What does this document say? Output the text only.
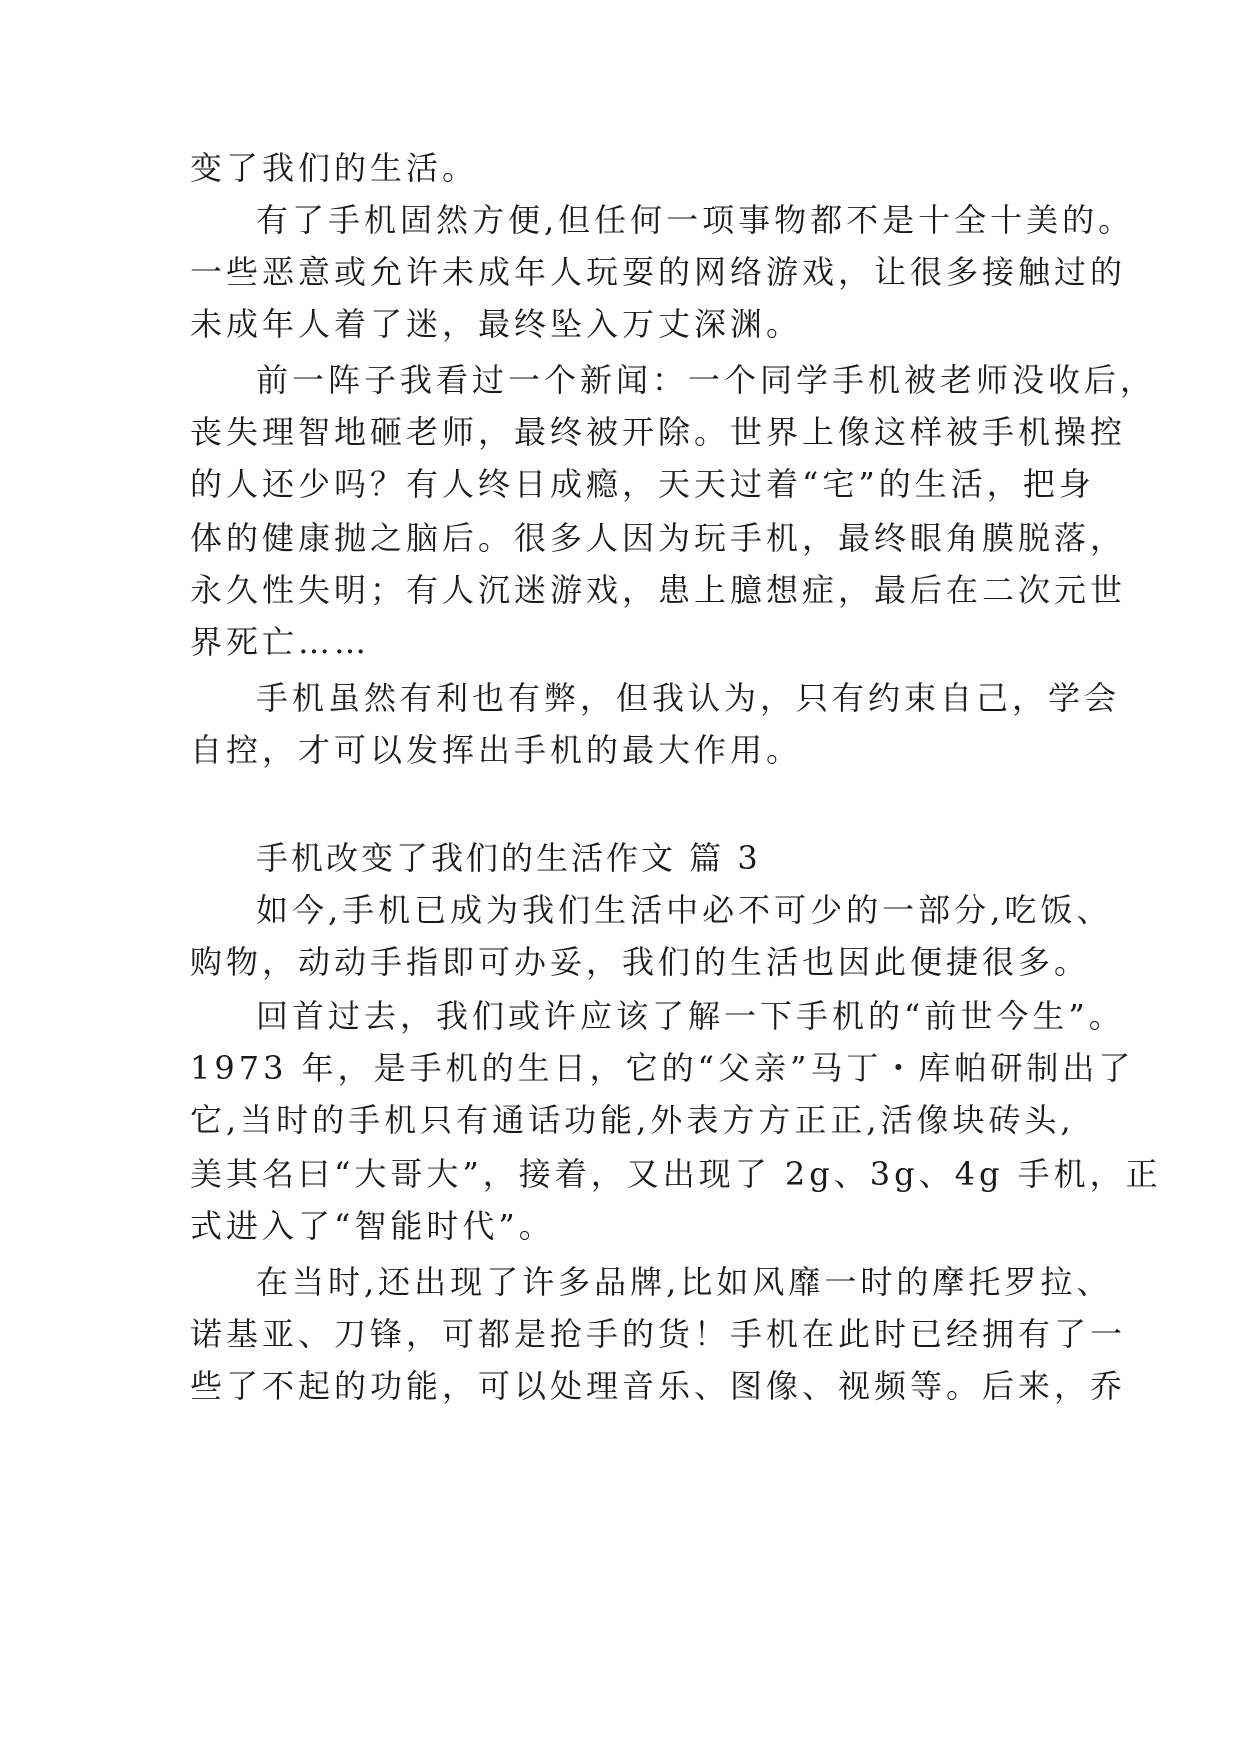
变了我们的生活。

有了手机固然方便,但任何一项事物都不是十全十美的。

一些恶意或允许未成年人玩耍的网络游戏，让很多接触过的

未成年人着了迷，最终坠入万丈深渊。

前一阵子我看过一个新闻：一个同学手机被老师没收后，

丧失理智地砸老师，最终被开除。世界上像这样被手机操控

的人还少吗？有人终日成瘾，天天过着“宅”的生活，把身

体的健康抛之脑后。很多人因为玩手机，最终眼角膜脱落，

永久性失明；有人沉迷游戏，患上臆想症，最后在二次元世

界死亡……

手机虽然有利也有弊，但我认为，只有约束自己，学会

自控，才可以发挥出手机的最大作用。

手机改变了我们的生活作文 篇 3

如今,手机已成为我们生活中必不可少的一部分,吃饭、

购物，动动手指即可办妥，我们的生活也因此便捷很多。

回首过去，我们或许应该了解一下手机的“前世今生”。

1973 年，是手机的生日，它的“父亲”马丁・库帕研制出了

它,当时的手机只有通话功能,外表方方正正,活像块砖头,

美其名曰“大哥大”，接着，又出现了 2g、3g、4g 手机，正

式进入了“智能时代”。

在当时,还出现了许多品牌,比如风靡一时的摩托罗拉、

诺基亚、刀锋，可都是抢手的货！手机在此时已经拥有了一

些了不起的功能，可以处理音乐、图像、视频等。后来，乔
